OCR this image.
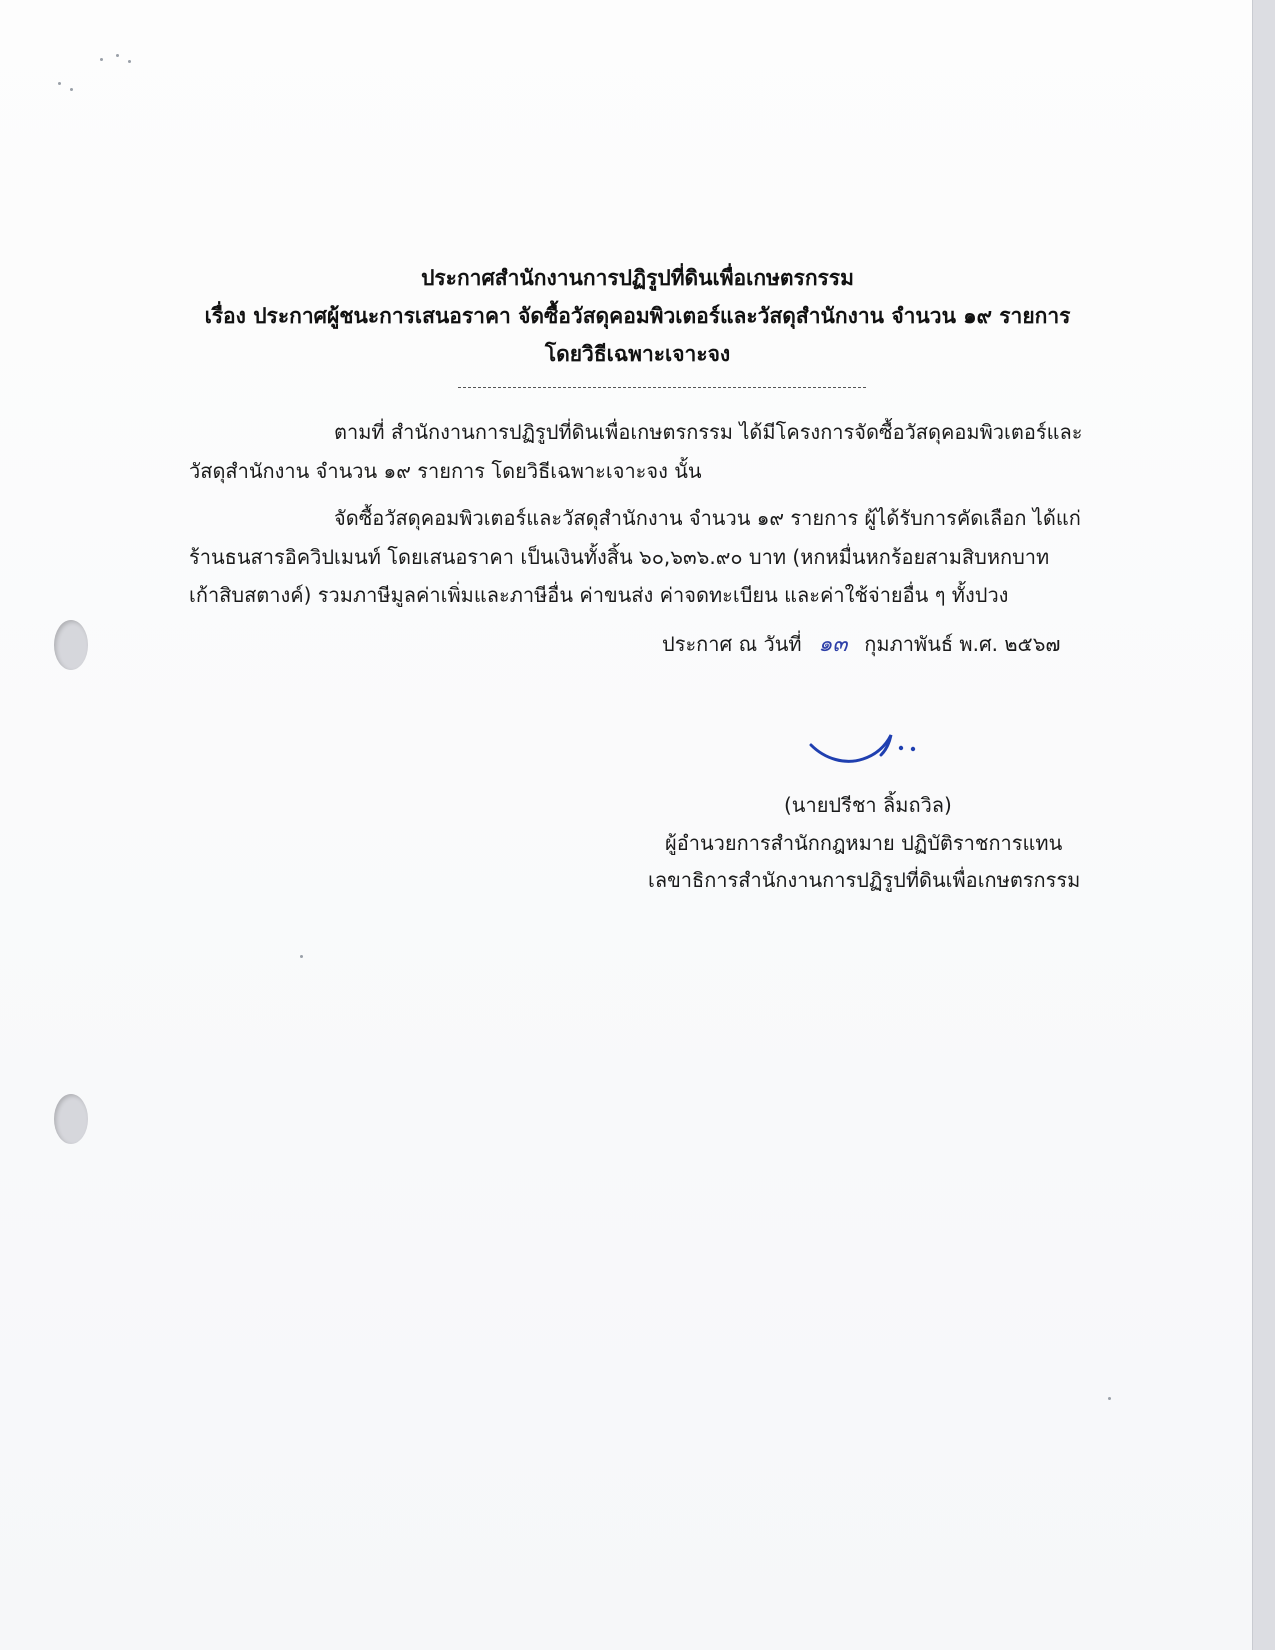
ประกาศสำนักงานการปฏิรูปที่ดินเพื่อเกษตรกรรม
เรื่อง ประกาศผู้ชนะการเสนอราคา จัดซื้อวัสดุคอมพิวเตอร์และวัสดุสำนักงาน จำนวน ๑๙ รายการ
โดยวิธีเฉพาะเจาะจง
ตามที่ สำนักงานการปฏิรูปที่ดินเพื่อเกษตรกรรม ได้มีโครงการจัดซื้อวัสดุคอมพิวเตอร์และ
วัสดุสำนักงาน จำนวน ๑๙ รายการ โดยวิธีเฉพาะเจาะจง นั้น
จัดซื้อวัสดุคอมพิวเตอร์และวัสดุสำนักงาน จำนวน ๑๙ รายการ ผู้ได้รับการคัดเลือก ได้แก่
ร้านธนสารอิควิปเมนท์ โดยเสนอราคา เป็นเงินทั้งสิ้น ๖๐,๖๓๖.๙๐ บาท (หกหมื่นหกร้อยสามสิบหกบาท
เก้าสิบสตางค์) รวมภาษีมูลค่าเพิ่มและภาษีอื่น ค่าขนส่ง ค่าจดทะเบียน และค่าใช้จ่ายอื่น ๆ ทั้งปวง
ประกาศ ณ วันที่ ๑๓ กุมภาพันธ์ พ.ศ. ๒๕๖๗
(นายปรีชา ลิ้มถวิล)
ผู้อำนวยการสำนักกฎหมาย ปฏิบัติราชการแทน
เลขาธิการสำนักงานการปฏิรูปที่ดินเพื่อเกษตรกรรม
